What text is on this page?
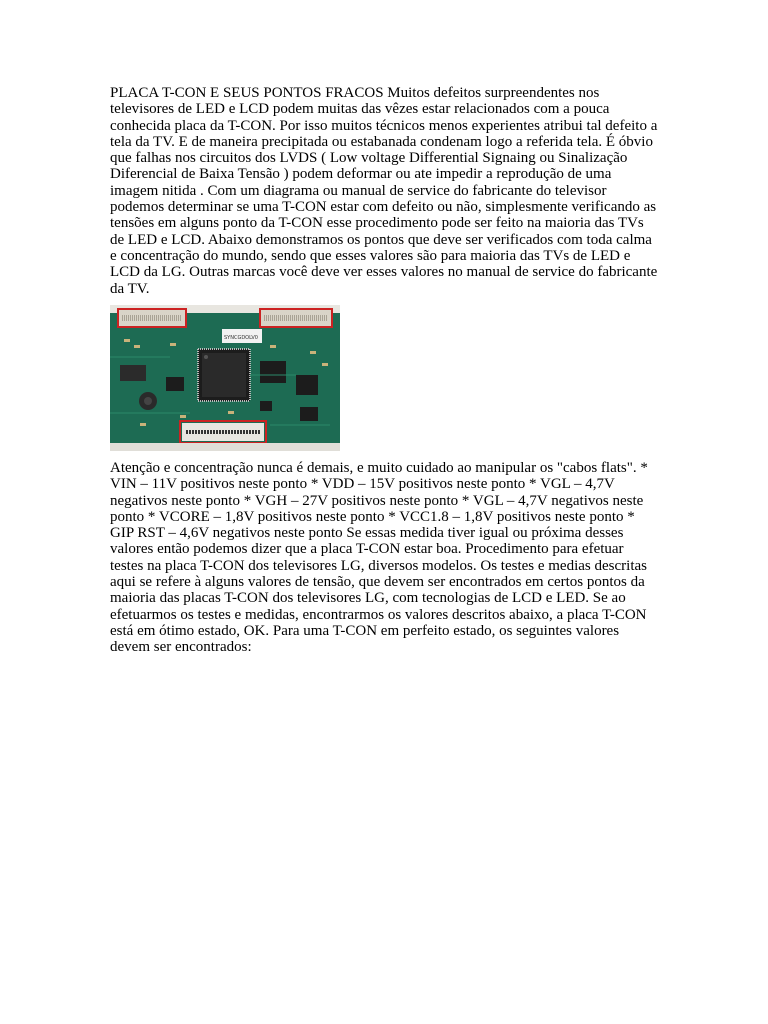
PLACA T-CON E SEUS PONTOS FRACOS Muitos defeitos surpreendentes nos televisores de LED e LCD podem muitas das vêzes estar relacionados com a pouca conhecida placa da T-CON. Por isso muitos técnicos menos experientes atribui tal defeito a tela da TV. E de maneira precipitada ou estabanada condenam logo a referida tela. É óbvio que falhas nos circuitos dos LVDS ( Low voltage Differential Signaing ou Sinalização Diferencial de Baixa Tensão ) podem deformar ou ate impedir a reprodução de uma imagem nitida . Com um diagrama ou manual de service do fabricante do televisor podemos determinar se uma T-CON estar com defeito ou não, simplesmente verificando as tensões em alguns ponto da T-CON esse procedimento pode ser feito na maioria das TVs de LED e LCD. Abaixo demonstramos os pontos que deve ser verificados com toda calma e concentração do mundo, sendo que esses valores são para maioria das TVs de LED e LCD da LG. Outras marcas você deve ver esses valores no manual de service do fabricante da TV.

SYNCGDOLV0

Atenção e concentração nunca é demais, e muito cuidado ao manipular os "cabos flats". * VIN – 11V positivos neste ponto * VDD – 15V positivos neste ponto * VGL – 4,7V negativos neste ponto * VGH – 27V positivos neste ponto * VGL – 4,7V negativos neste ponto * VCORE – 1,8V positivos neste ponto * VCC1.8 – 1,8V positivos neste ponto * GIP RST – 4,6V negativos neste ponto Se essas medida tiver igual ou próxima desses valores então podemos dizer que a placa T-CON estar boa. Procedimento para efetuar testes na placa T-CON dos televisores LG, diversos modelos. Os testes e medias descritas aqui se refere à alguns valores de tensão, que devem ser encontrados em certos pontos da maioria das placas T-CON dos televisores LG, com tecnologias de LCD e LED. Se ao efetuarmos os testes e medidas, encontrarmos os valores descritos abaixo, a placa T-CON está em ótimo estado, OK. Para uma T-CON em perfeito estado, os seguintes valores devem ser encontrados:
